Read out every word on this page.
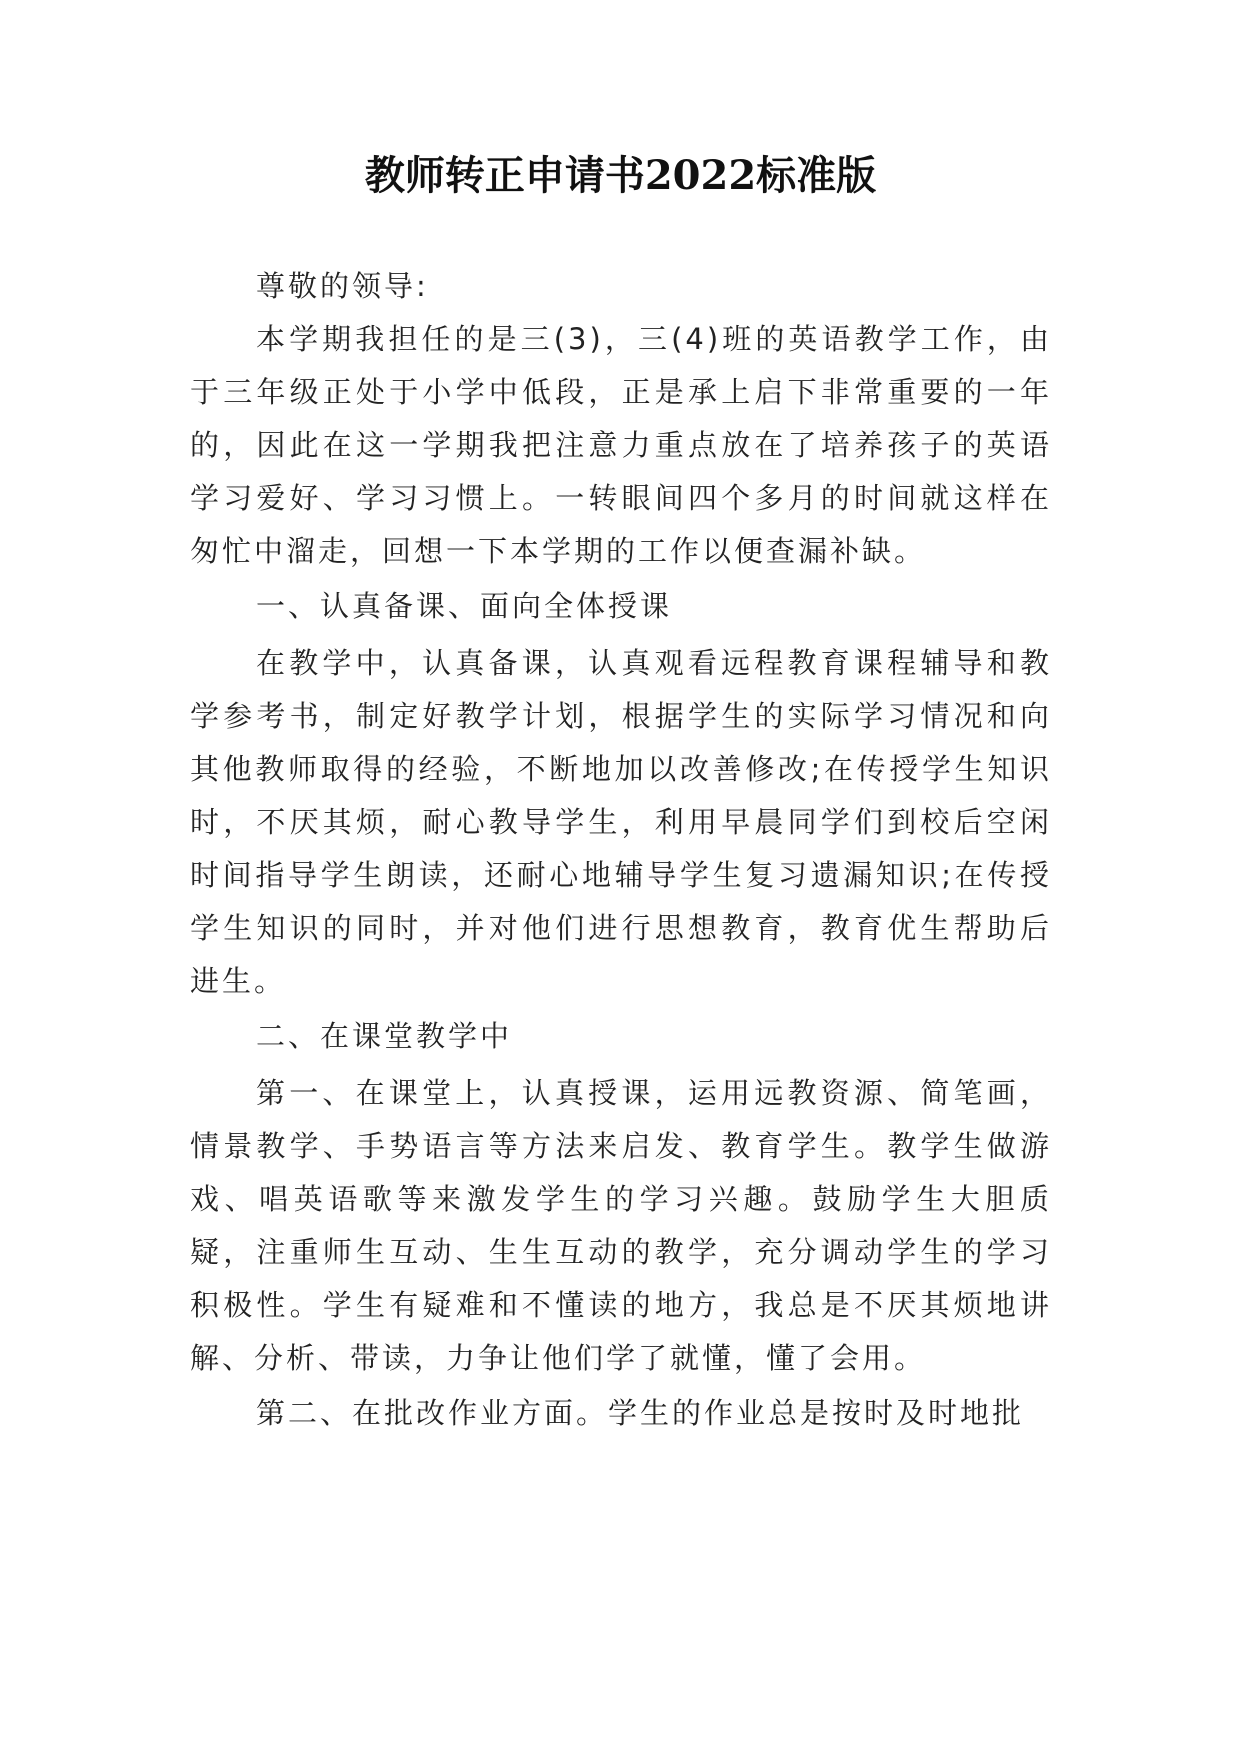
教师转正申请书2022标准版

尊敬的领导:

本学期我担任的是三(3)，三(4)班的英语教学工作，由于三年级正处于小学中低段，正是承上启下非常重要的一年的，因此在这一学期我把注意力重点放在了培养孩子的英语学习爱好、学习习惯上。一转眼间四个多月的时间就这样在匆忙中溜走，回想一下本学期的工作以便查漏补缺。

一、认真备课、面向全体授课

在教学中，认真备课，认真观看远程教育课程辅导和教学参考书，制定好教学计划，根据学生的实际学习情况和向其他教师取得的经验，不断地加以改善修改;在传授学生知识时，不厌其烦，耐心教导学生，利用早晨同学们到校后空闲时间指导学生朗读，还耐心地辅导学生复习遗漏知识;在传授学生知识的同时，并对他们进行思想教育，教育优生帮助后进生。

二、在课堂教学中

第一、在课堂上，认真授课，运用远教资源、简笔画，情景教学、手势语言等方法来启发、教育学生。教学生做游戏、唱英语歌等来激发学生的学习兴趣。鼓励学生大胆质疑，注重师生互动、生生互动的教学，充分调动学生的学习积极性。学生有疑难和不懂读的地方，我总是不厌其烦地讲解、分析、带读，力争让他们学了就懂，懂了会用。

第二、在批改作业方面。学生的作业总是按时及时地批
